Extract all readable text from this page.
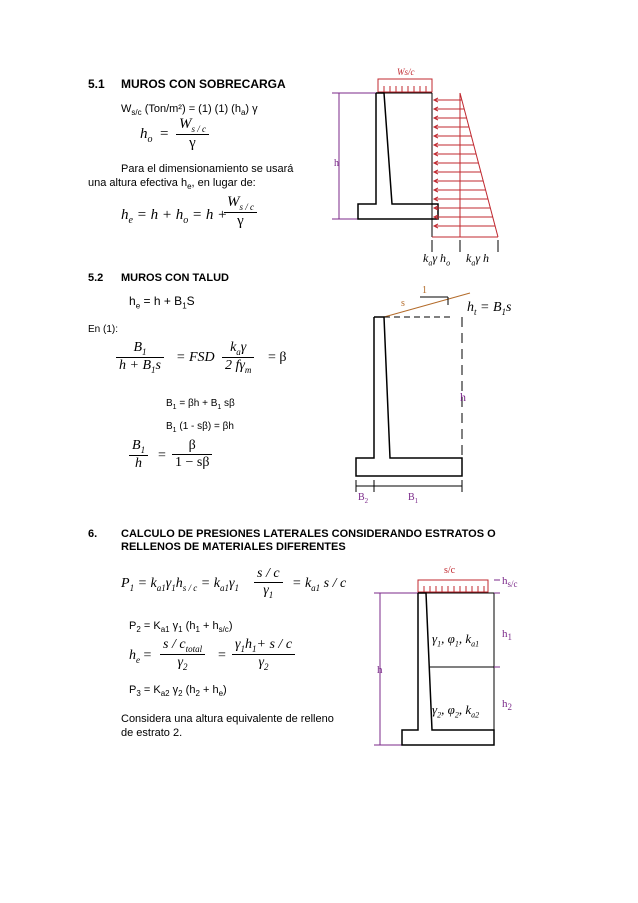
5.1 MUROS CON SOBRECARGA
$W_{s/c}$ (Ton/m²) = (1) (1) $(h_a)$ γ
$h_o = \frac{W_{s / c}}{\gamma}$
Para el dimensionamiento se usará
una altura efectiva $h_e$, en lugar de:
$h_e = h + h_o = h$ +
$\frac{W_{s / c}}{\gamma}$
Ws/c
h
$k_a\gamma$ $h_o$ $k_a\gamma$ h
5.2 MUROS CON TALUD
$h_e = h + B_1S$
En (1):
$\frac{B_1}{h + B_1s}$ = FSD
$k_a\gamma$
2 $f\gamma_m$
= β
$B_1 = \beta h + B_1$ sβ
$B_1$ (1 - sβ) = βh
$\frac{B_1}{h} = \frac{\beta}{1 - s\beta}$
s
1
$h_t = B_1s$
h
$B_2$	$B_1$
6. CALCULO DE PRESIONES LATERALES CONSIDERANDO ESTRATOS O
RELLENOS DE MATERIALES DIFERENTES
$P_1 = k_{a1}\gamma_1h_{s / c} = k_{a1}\gamma_1 \frac{s / c}{\gamma_1} = k_{a1}$ s / c
$P_2 = K_{a1}$ $\gamma_1$ $(h_1 + h_{s/c})$
$h_e$ =
s / $c_{total}$
$\gamma_2$
= $\frac{\gamma_1h_1+ s / c}{\gamma_2}$
$P_3 = K_{a2}$ $\gamma_2$ $(h_2 + h_e)$
Considera una altura equivalente de relleno
de estrato 2.
s/c
$h_{s/c}$
$h_1$
$h_2$
h
$\gamma_1$, $\varphi_1$, $k_{a1}$
$\gamma_2$, $\varphi_2$, $k_{a2}$
